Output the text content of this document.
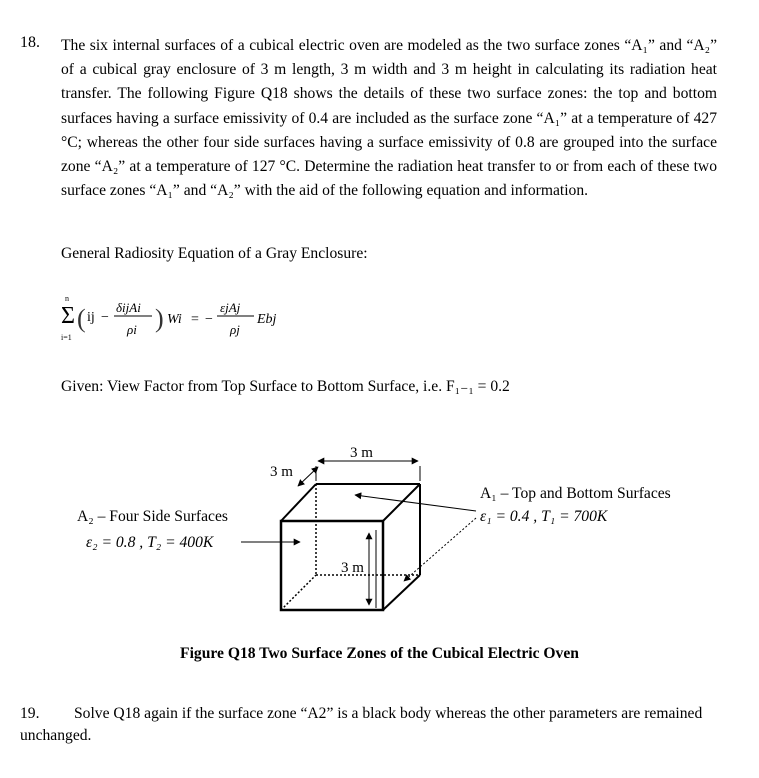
18. The six internal surfaces of a cubical electric oven are modeled as the two surface zones “A₁” and “A₂” of a cubical gray enclosure of 3 m length, 3 m width and 3 m height in calculating its radiation heat transfer. The following Figure Q18 shows the details of these two surface zones: the top and bottom surfaces having a surface emissivity of 0.4 are included as the surface zone “A₁” at a temperature of 427 °C; whereas the other four side surfaces having a surface emissivity of 0.8 are grouped into the surface zone “A₂” at a temperature of 127 °C. Determine the radiation heat transfer to or from each of these two surface zones “A₁” and “A₂” with the aid of the following equation and information.
General Radiosity Equation of a Gray Enclosure:
n
Σ
i=1
( ij −
δijAi
ρi ) Wi = −
εjAj
ρj
Ebj
Given: View Factor from Top Surface to Bottom Surface, i.e. F₁₋₁ = 0.2
3 m
3 m
3 m
A₂ – Four Side Surfaces
ε₂ = 0.8 , T₂ = 400K
A₁ – Top and Bottom Surfaces
ε₁ = 0.4 , T₁ = 700K
Figure Q18 Two Surface Zones of the Cubical Electric Oven
19. Solve Q18 again if the surface zone “A2” is a black body whereas the other parameters are remained unchanged.
